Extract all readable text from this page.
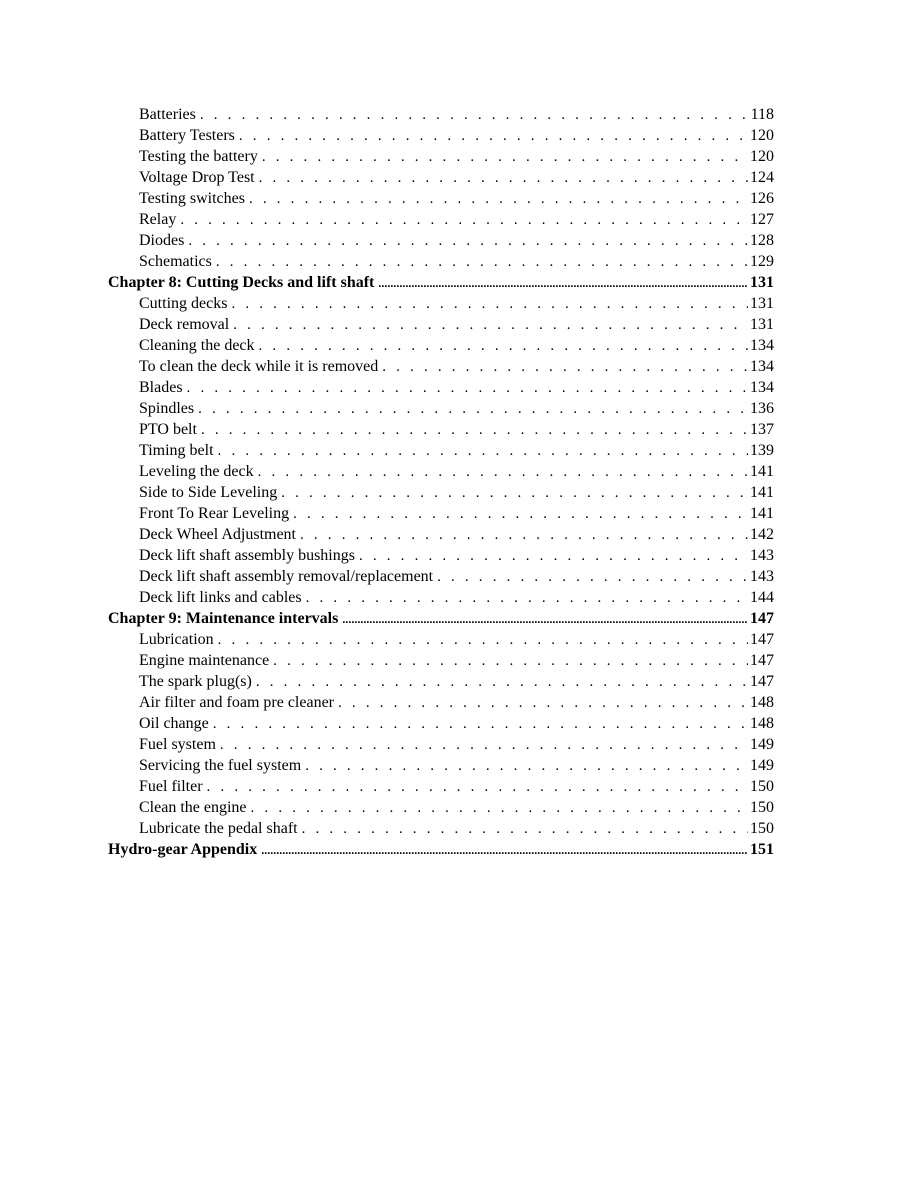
Batteries . . .	118
Battery Testers . . .	120
Testing the battery . . .	120
Voltage Drop Test . . .	124
Testing switches . . .	126
Relay . . .	127
Diodes . . .	128
Schematics . . .	129
Chapter 8: Cutting Decks and lift shaft .....	131
Cutting decks . . .	131
Deck removal . . .	131
Cleaning the deck . . .	134
To clean the deck while it is removed . . .	134
Blades . . .	134
Spindles . . .	136
PTO belt . . .	137
Timing belt . . .	139
Leveling the deck . . .	141
Side to Side Leveling . . .	141
Front To Rear Leveling . . .	141
Deck Wheel Adjustment . . .	142
Deck lift shaft assembly bushings . . .	143
Deck lift shaft assembly removal/replacement . . .	143
Deck lift links and cables . . .	144
Chapter 9: Maintenance intervals .....	147
Lubrication . . .	147
Engine maintenance . . .	147
The spark plug(s) . . .	147
Air filter and foam pre cleaner . . .	148
Oil change . . .	148
Fuel system . . .	149
Servicing the fuel system . . .	149
Fuel filter . . .	150
Clean the engine . . .	150
Lubricate the pedal shaft . . .	150
Hydro-gear Appendix .....	151
